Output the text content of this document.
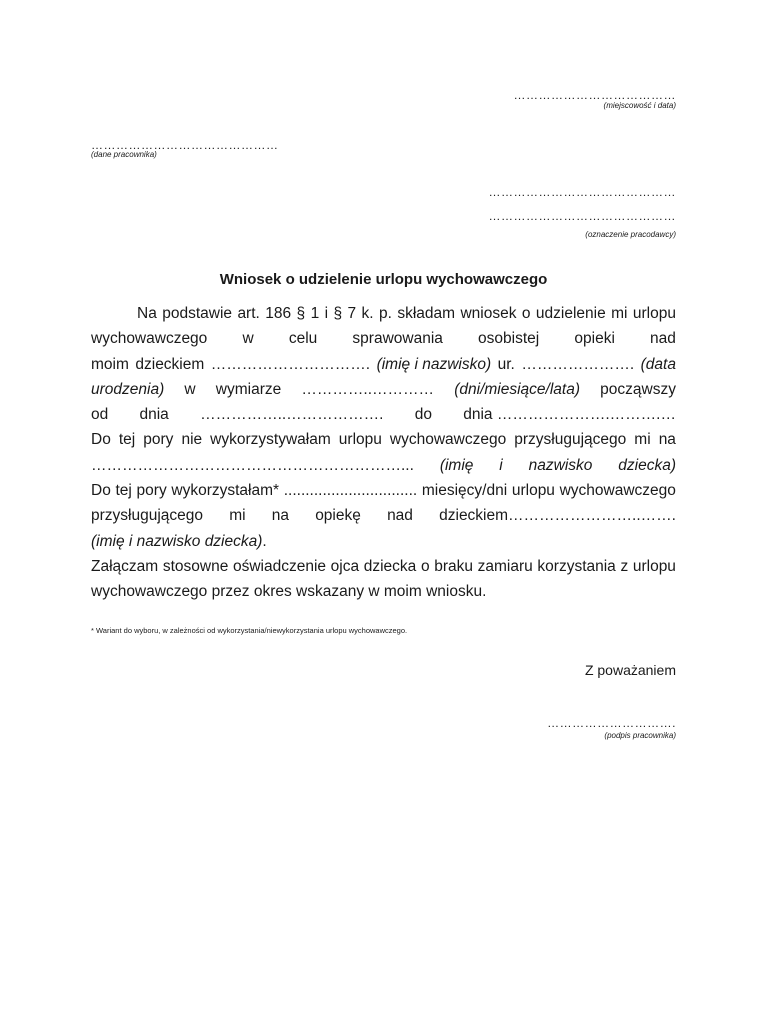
…………………………………
(miejscowość i data)
………………………………………
(dane pracownika)
………………………………………
………………………………………
(oznaczenie pracodawcy)
Wniosek o udzielenie urlopu wychowawczego
Na podstawie art. 186 § 1 i § 7 k. p. składam wniosek o udzielenie mi urlopu
wychowawczego w celu sprawowania osobistej opieki nad
moim dzieckiem …………………………. (imię i nazwisko) ur. …………………. (data
urodzenia) w wymiarze …………..………… (dni/miesiące/lata) począwszy
od dnia ……………..………………. do dnia ………………….……….…
Do tej pory nie wykorzystywałam urlopu wychowawczego przysługującego mi na
……………………………………………………... (imię i nazwisko dziecka)
Do tej pory wykorzystałam* ............................... miesięcy/dni urlopu wychowawczego
przysługującego mi na opiekę nad dzieckiem……………………..…….
(imię i nazwisko dziecka).
Załączam stosowne oświadczenie ojca dziecka o braku zamiaru korzystania z urlopu
wychowawczego przez okres wskazany w moim wniosku.
* Wariant do wyboru, w zależności od wykorzystania/niewykorzystania urlopu wychowawczego.
Z poważaniem
………………………….
(podpis pracownika)
